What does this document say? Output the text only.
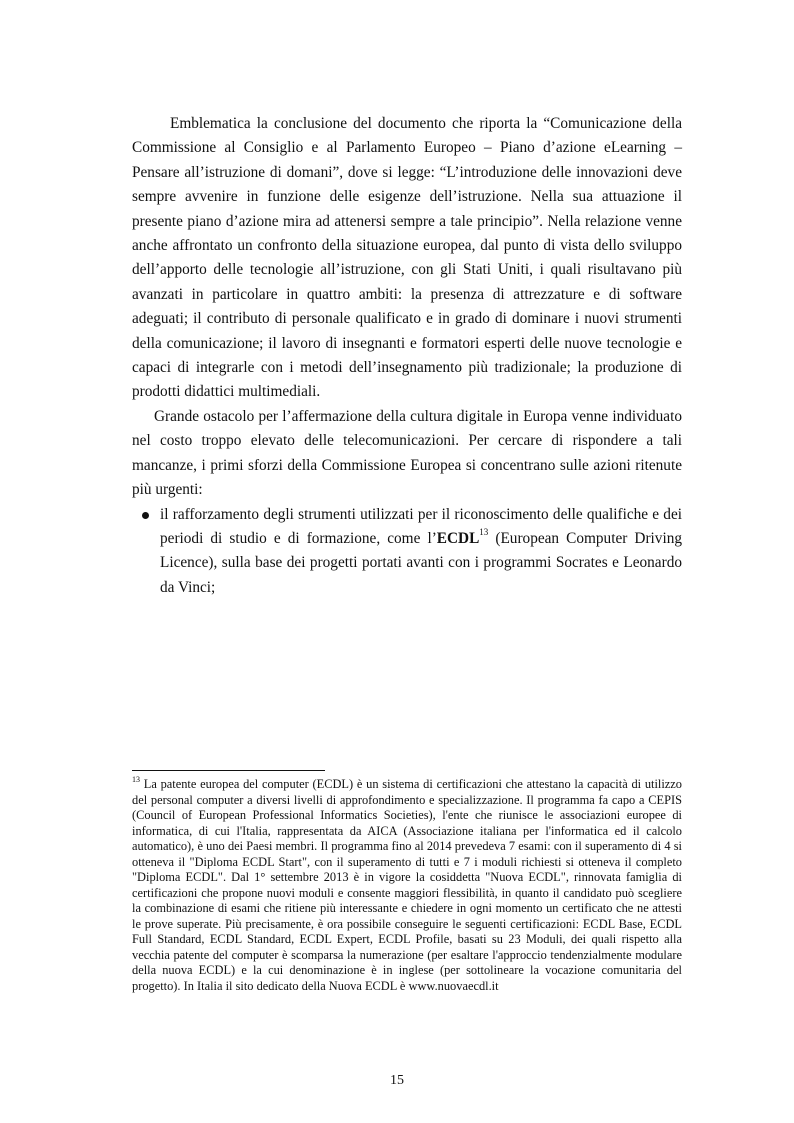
Emblematica la conclusione del documento che riporta la “Comunicazione della Commissione al Consiglio e al Parlamento Europeo – Piano d’azione eLearning – Pensare all’istruzione di domani”, dove si legge: “L’introduzione delle innovazioni deve sempre avvenire in funzione delle esigenze dell’istruzione. Nella sua attuazione il presente piano d’azione mira ad attenersi sempre a tale principio”. Nella relazione venne anche affrontato un confronto della situazione europea, dal punto di vista dello sviluppo dell’apporto delle tecnologie all’istruzione, con gli Stati Uniti, i quali risultavano più avanzati in particolare in quattro ambiti: la presenza di attrezzature e di software adeguati; il contributo di personale qualificato e in grado di dominare i nuovi strumenti della comunicazione; il lavoro di insegnanti e formatori esperti delle nuove tecnologie e capaci di integrarle con i metodi dell’insegnamento più tradizionale; la produzione di prodotti didattici multimediali.

Grande ostacolo per l’affermazione della cultura digitale in Europa venne individuato nel costo troppo elevato delle telecomunicazioni. Per cercare di rispondere a tali mancanze, i primi sforzi della Commissione Europea si concentrano sulle azioni ritenute più urgenti:

il rafforzamento degli strumenti utilizzati per il riconoscimento delle qualifiche e dei periodi di studio e di formazione, come l’ECDL$^{13}$ (European Computer Driving Licence), sulla base dei progetti portati avanti con i programmi Socrates e Leonardo da Vinci;
$^{13}$ La patente europea del computer (ECDL) è un sistema di certificazioni che attestano la capacità di utilizzo del personal computer a diversi livelli di approfondimento e specializzazione. Il programma fa capo a CEPIS (Council of European Professional Informatics Societies), l'ente che riunisce le associazioni europee di informatica, di cui l'Italia, rappresentata da AICA (Associazione italiana per l'informatica ed il calcolo automatico), è uno dei Paesi membri. Il programma fino al 2014 prevedeva 7 esami: con il superamento di 4 si otteneva il "Diploma ECDL Start", con il superamento di tutti e 7 i moduli richiesti si otteneva il completo "Diploma ECDL". Dal 1° settembre 2013 è in vigore la cosiddetta "Nuova ECDL", rinnovata famiglia di certificazioni che propone nuovi moduli e consente maggiori flessibilità, in quanto il candidato può scegliere la combinazione di esami che ritiene più interessante e chiedere in ogni momento un certificato che ne attesti le prove superate. Più precisamente, è ora possibile conseguire le seguenti certificazioni: ECDL Base, ECDL Full Standard, ECDL Standard, ECDL Expert, ECDL Profile, basati su 23 Moduli, dei quali rispetto alla vecchia patente del computer è scomparsa la numerazione (per esaltare l'approccio tendenzialmente modulare della nuova ECDL) e la cui denominazione è in inglese (per sottolineare la vocazione comunitaria del progetto). In Italia il sito dedicato della Nuova ECDL è www.nuovaecdl.it
15
